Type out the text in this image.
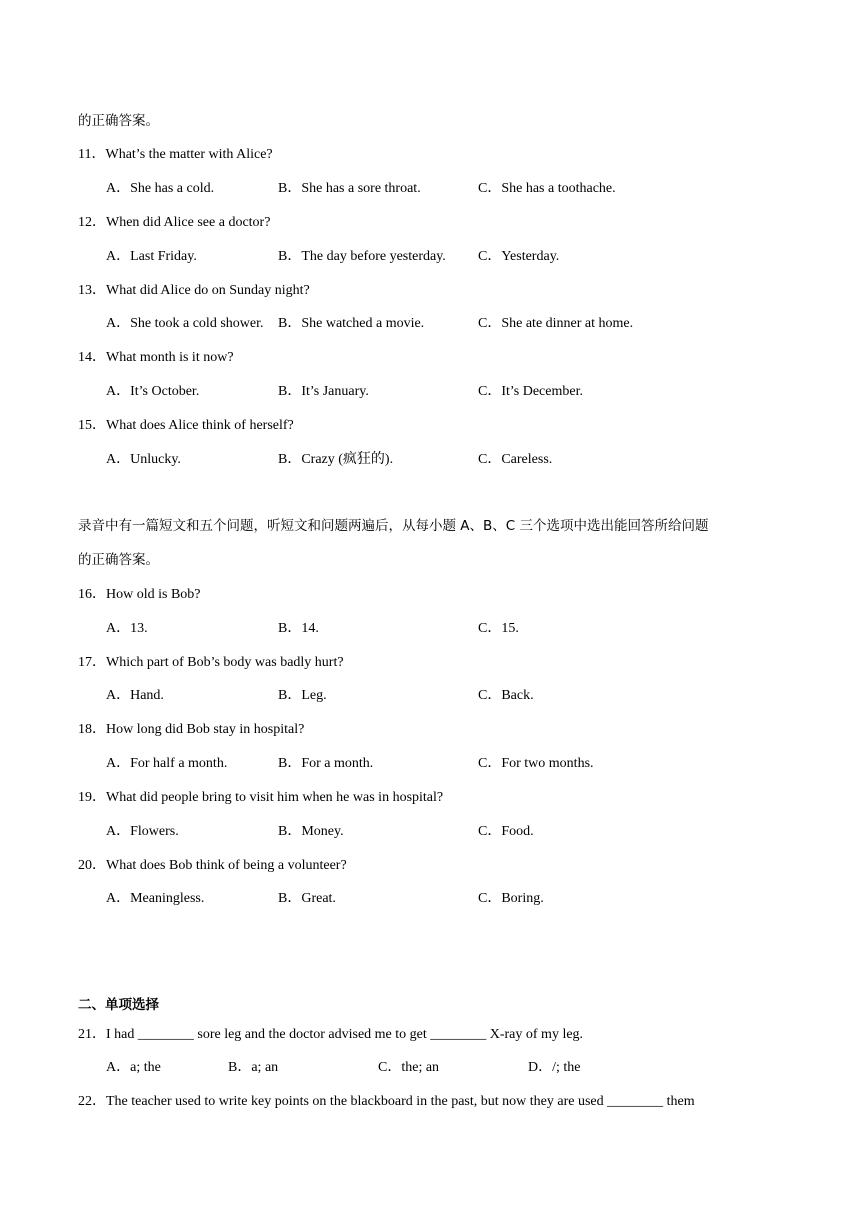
的正确答案。
11．What’s the matter with Alice?
A．She has a cold.	B．She has a sore throat.	C．She has a toothache.
12．When did Alice see a doctor?
A．Last Friday.	B．The day before yesterday. C．Yesterday.
13．What did Alice do on Sunday night?
A．She took a cold shower. B．She watched a movie.	C．She ate dinner at home.
14．What month is it now?
A．It’s October.	B．It’s January.	C．It’s December.
15．What does Alice think of herself?
A．Unlucky.	B．Crazy (疯狂的).	C．Careless.
录音中有一篇短文和五个问题，听短文和问题两遍后，从每小题 A、B、C 三个选项中选出能回答所给问题
的正确答案。
16．How old is Bob?
A．13.	B．14.	C．15.
17．Which part of Bob’s body was badly hurt?
A．Hand.	B．Leg.	C．Back.
18．How long did Bob stay in hospital?
A．For half a month.	B．For a month.	C．For two months.
19．What did people bring to visit him when he was in hospital?
A．Flowers.	B．Money.	C．Food.
20．What does Bob think of being a volunteer?
A．Meaningless.	B．Great.	C．Boring.
二、单项选择
21．I had ________ sore leg and the doctor advised me to get ________ X-ray of my leg.
A．a; the	B．a; an	C．the; an	D．/; the
22．The teacher used to write key points on the blackboard in the past, but now they are used ________ them
